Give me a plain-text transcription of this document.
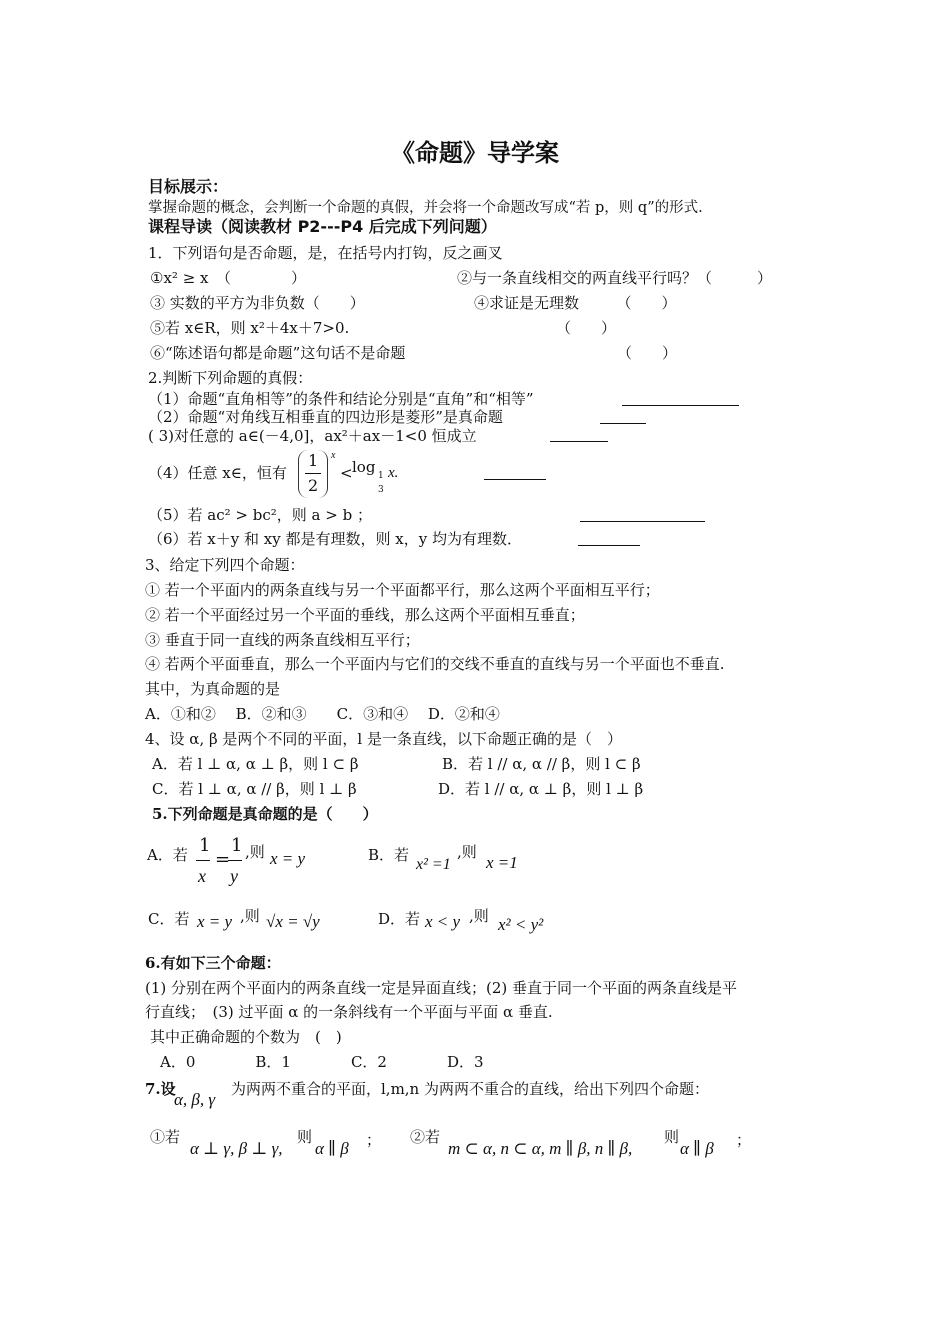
《命题》导学案
目标展示：
掌握命题的概念，会判断一个命题的真假，并会将一个命题改写成“若 p，则 q”的形式.
课程导读（阅读教材 P2---P4 后完成下列问题）
1．下列语句是否命题，是，在括号内打钩，反之画叉
①x² ≥ x　（　　　　）	②与一条直线相交的两直线平行吗？（　　　）
③ 实数的平方为非负数（　　）	④求证是无理数　　　（　　）
⑤若 x∈R，则 x²＋4x＋7>0.	（　　）
⑥“陈述语句都是命题”这句话不是命题	（　　）
2.判断下列命题的真假：
（1）命题“直角相等”的条件和结论分别是“直角”和“相等”
（2）命题“对角线互相垂直的四边形是菱形”是真命题
( 3)对任意的 a∈(－4,0]，ax²＋ax－1<0 恒成立
（4）任意 x∈，恒有
1
2
x
< log 1
3
x.
（5）若 ac² > bc²，则 a > b ；
（6）若 x＋y 和 xy 都是有理数，则 x，y 均为有理数．
3、给定下列四个命题：
① 若一个平面内的两条直线与另一个平面都平行，那么这两个平面相互平行；
② 若一个平面经过另一个平面的垂线，那么这两个平面相互垂直；
③ 垂直于同一直线的两条直线相互平行；
④ 若两个平面垂直，那么一个平面内与它们的交线不垂直的直线与另一个平面也不垂直.
其中，为真命题的是
A．①和②　 B．②和③　　C．③和④　 D．②和④
4、设 α, β 是两个不同的平面，l 是一条直线，以下命题正确的是（　）
A．若 l ⊥ α, α ⊥ β，则 l ⊂ β	B．若 l // α, α // β，则 l ⊂ β
C．若 l ⊥ α, α // β，则 l ⊥ β	D．若 l // α, α ⊥ β，则 l ⊥ β
5.下列命题是真命题的是（　　）
A．若 1
x
=
1
y
,则 x = y	B．若
x² =1
,则
x =1
C．若 x = y ,则 √x = √y	D．若 x < y ,则 x² < y²
6.有如下三个命题：
(1) 分别在两个平面内的两条直线一定是异面直线；(2) 垂直于同一个平面的两条直线是平
行直线；　(3) 过平面 α 的一条斜线有一个平面与平面 α 垂直.
其中正确命题的个数为　(　)
A．0　　　　B．1　　　　C．2　　　　D．3
7.设
α, β, γ
为两两不重合的平面，l,m,n 为两两不重合的直线，给出下列四个命题：
①若
α ⊥ γ, β ⊥ γ,
则
α ∥ β ； ②若
m ⊂ α, n ⊂ α, m ∥ β, n ∥ β,
则
α ∥ β ；
